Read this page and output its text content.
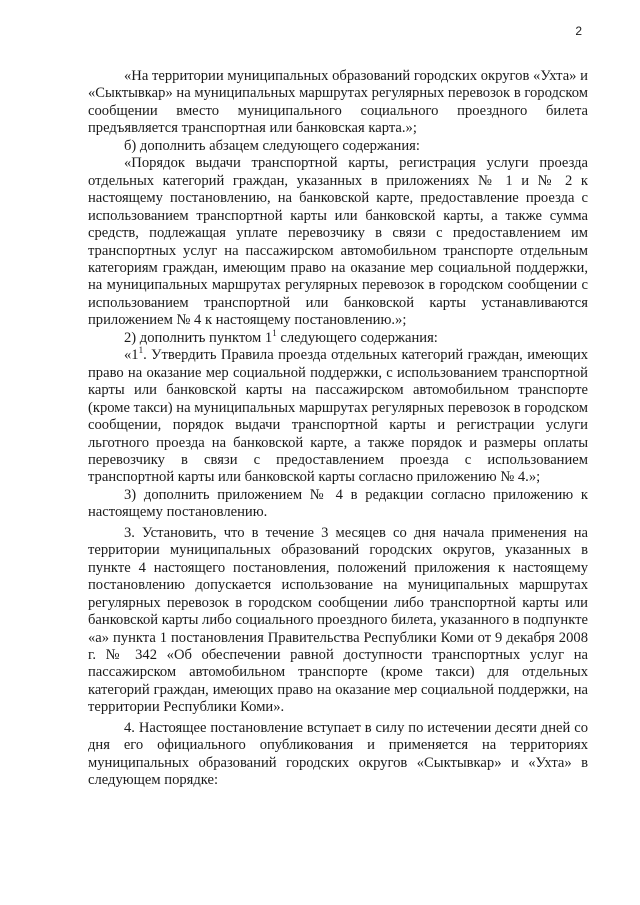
2

«На территории муниципальных образований городских округов «Ухта» и «Сыктывкар» на муниципальных маршрутах регулярных перевозок в городском сообщении вместо муниципального социального проездного билета предъявляется транспортная или банковская карта.»;

б) дополнить абзацем следующего содержания:

«Порядок выдачи транспортной карты, регистрация услуги проезда отдельных категорий граждан, указанных в приложениях № 1 и № 2 к настоящему постановлению, на банковской карте, предоставление проезда с использованием транспортной карты или банковской карты, а также сумма средств, подлежащая уплате перевозчику в связи с предоставлением им транспортных услуг на пассажирском автомобильном транспорте отдельным категориям граждан, имеющим право на оказание мер социальной поддержки, на муниципальных маршрутах регулярных перевозок в городском сообщении с использованием транспортной или банковской карты устанавливаются приложением № 4 к настоящему постановлению.»;

2) дополнить пунктом $1^1$ следующего содержания:

«$1^1$. Утвердить Правила проезда отдельных категорий граждан, имеющих право на оказание мер социальной поддержки, с использованием транспортной карты или банковской карты на пассажирском автомобильном транспорте (кроме такси) на муниципальных маршрутах регулярных перевозок в городском сообщении, порядок выдачи транспортной карты и регистрации услуги льготного проезда на банковской карте, а также порядок и размеры оплаты перевозчику в связи с предоставлением проезда с использованием транспортной карты или банковской карты согласно приложению № 4.»;

3) дополнить приложением № 4 в редакции согласно приложению к настоящему постановлению.

3. Установить, что в течение 3 месяцев со дня начала применения на территории муниципальных образований городских округов, указанных в пункте 4 настоящего постановления, положений приложения к настоящему постановлению допускается использование на муниципальных маршрутах регулярных перевозок в городском сообщении либо транспортной карты или банковской карты либо социального проездного билета, указанного в подпункте «а» пункта 1 постановления Правительства Республики Коми от 9 декабря 2008 г. № 342 «Об обеспечении равной доступности транспортных услуг на пассажирском автомобильном транспорте (кроме такси) для отдельных категорий граждан, имеющих право на оказание мер социальной поддержки, на территории Республики Коми».

4. Настоящее постановление вступает в силу по истечении десяти дней со дня его официального опубликования и применяется на территориях муниципальных образований городских округов «Сыктывкар» и «Ухта» в следующем порядке:
